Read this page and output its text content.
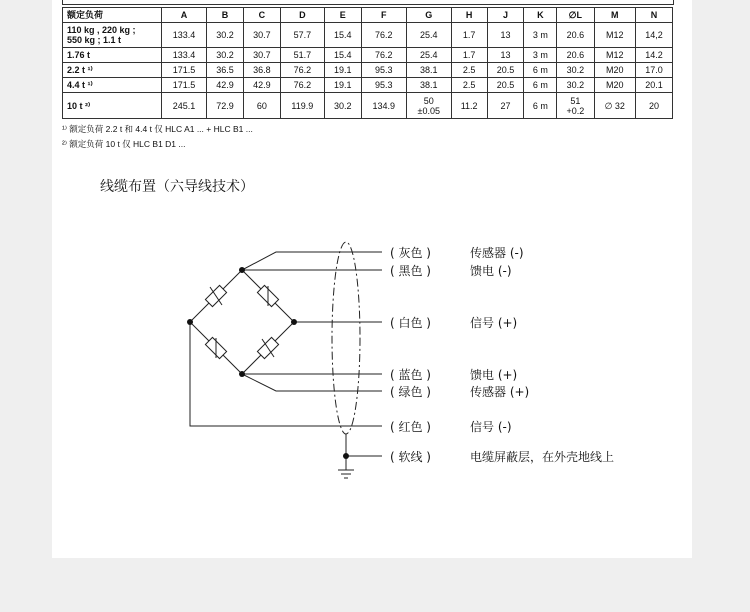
额定负荷	A	B	C	D	E	F	G	H	J	K	∅L	M	N
110 kg , 220 kg ;
550 kg ; 1.1 t	133.4	30.2	30.7	57.7	15.4	76.2	25.4	1.7	13	3 m	20.6	M12	14,2
1.76 t	133.4	30.2	30.7	51.7	15.4	76.2	25.4	1.7	13	3 m	20.6	M12	14.2
2.2 t ¹⁾	171.5	36.5	36.8	76.2	19.1	95.3	38.1	2.5	20.5	6 m	30.2	M20	17.0
4.4 t ¹⁾	171.5	42.9	42.9	76.2	19.1	95.3	38.1	2.5	20.5	6 m	30.2	M20	20.1
10 t ²⁾	245.1	72.9	60	119.9	30.2	134.9	50
±0.05	11.2	27	6 m	51
+0.2	∅ 32	20
¹⁾ 额定负荷 2.2 t 和 4.4 t 仅 HLC A1 ... + HLC B1 ...
²⁾ 额定负荷 10 t 仅 HLC B1 D1 ...
线缆布置（六导线技术）
( 灰色 )	传感器 (-)
( 黑色 )	馈电 (-)
( 白色 )	信号 (+)
( 蓝色 )	馈电 (+)
( 绿色 )	传感器 (+)
( 红色 )	信号 (-)
( 软线 )	电缆屏蔽层，在外壳地线上
